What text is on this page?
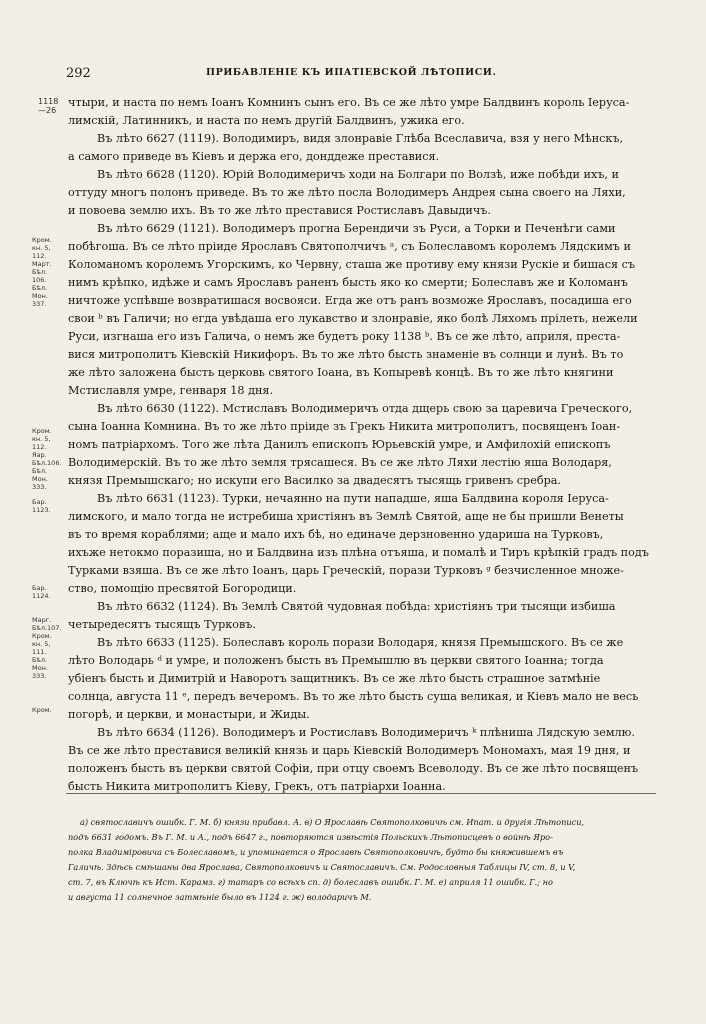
292	ПРИБАВЛЕНІЕ КЪ ИПАТІЕВСКОЙ ЛѢТОПИСИ.
1118
—26
Кром.
кн. 5,
112.
Март.
Бѣл.
106.
Бѣл.
Мон.
337.
Кром.
кн. 5,
112.
Яар.
Бѣл.106.
Бѣл.
Мон.
333.
Бар.
1123.
Бар.
1124.
Марг.
Бѣл.107.
Кром.
кн. 5,
111.
Бѣл.
Мон.
333.
Кром.
чтыри, и наста по немъ Іоанъ Комнинъ сынъ его. Въ се же лѣто умре Балдвинъ король Іеруса-
лимскій, Латинникъ, и наста по немъ другій Балдвинъ, ужика его.
Въ лѣто 6627 (1119). Володимиръ, видя злонравіе Глѣба Всеславича, взя у него Мѣнскъ,
а самого приведе въ Кіевъ и держа его, донддеже преставися.
Въ лѣто 6628 (1120). Юрій Володимеричъ ходи на Болгари по Волзѣ, иже побѣди ихъ, и
оттуду многъ полонъ приведе. Въ то же лѣто посла Володимеръ Андрея сына своего на Ляхи,
и повоева землю ихъ. Въ то же лѣто преставися Ростиславъ Давыдичъ.
Въ лѣто 6629 (1121). Володимеръ прогна Берендичи зъ Руси, а Торки и Печенѣги сами
побѣгоша. Въ се лѣто пріиде Ярославъ Святополчичъ ᵃ, съ Болеславомъ королемъ Лядскимъ и
Коломаномъ королемъ Угорскимъ, ко Червну, сташа же противу ему князи Рускіе и бишася съ
нимъ крѣпко, идѣже и самъ Ярославъ раненъ бысть яко ко смерти; Болеславъ же и Коломанъ
ничтоже успѣвше возвратишася восвояси. Егда же отъ ранъ возможе Ярославъ, посадиша его
свои ᵇ въ Галичи; но егда увѣдаша его лукавство и злонравіе, яко болѣ Ляхомъ прілеть, нежели
Руси, изгнаша его изъ Галича, о немъ же будетъ року 1138 ᵇ. Въ се же лѣто, априля, преста-
вися митрополитъ Кіевскій Никифоръ. Въ то же лѣто бысть знаменіе въ солнци и лунѣ. Въ то
же лѣто заложена бысть церковь святого Іоана, въ Копыревѣ концѣ. Въ то же лѣто княгини
Мстиславля умре, генваря 18 дня.
Въ лѣто 6630 (1122). Мстиславъ Володимеричъ отда дщерь свою за царевича Греческого,
сына Іоанна Комнина. Въ то же лѣто пріиде зъ Грекъ Никита митрополитъ, посвященъ Іоан-
номъ патріархомъ. Того же лѣта Данилъ епископъ Юрьевскій умре, и Амфилохій епископъ
Володимерскій. Въ то же лѣто земля трясашеся. Въ се же лѣто Ляхи лестію яша Володаря,
князя Премышскаго; но искупи его Василко за двадесятъ тысящь гривенъ сребра.
Въ лѣто 6631 (1123). Турки, нечаянно на пути нападше, яша Балдвина короля Іеруса-
лимского, и мало тогда не истребиша христіянъ въ Землѣ Святой, аще не бы пришли Венеты
въ то время кораблями; аще и мало ихъ бѣ, но единаче дерзновенно удариша на Турковъ,
ихъже нетокмо поразиша, но и Балдвина изъ плѣна отъяша, и помалѣ и Тиръ крѣпкій градъ подъ
Турками взяша. Въ се же лѣто Іоанъ, царь Греческій, порази Турковъ ᵍ безчисленное множе-
ство, помощію пресвятой Богородици.
Въ лѣто 6632 (1124). Въ Землѣ Святой чудовная побѣда: христіянъ три тысящи избиша
четыредесятъ тысящъ Турковъ.
Въ лѣто 6633 (1125). Болеславъ король порази Володаря, князя Премышского. Въ се же
лѣто Володарь ᵈ и умре, и положенъ бысть въ Премышлю въ церкви святого Іоанна; тогда
убіенъ бысть и Димитрій и Наворотъ защитникъ. Въ се же лѣто бысть страшное затмѣніе
солнца, августа 11 ᵉ, передъ вечеромъ. Въ то же лѣто бысть суша великая, и Кіевъ мало не весь
погорѣ, и церкви, и монастыри, и Жиды.
Въ лѣто 6634 (1126). Володимеръ и Ростиславъ Володимеричъ ᵏ плѣниша Лядскую землю.
Въ се же лѣто преставися великій князь и царь Кіевскій Володимеръ Мономахъ, мая 19 дня, и
положенъ бысть въ церкви святой Софіи, при отцу своемъ Всеволоду. Въ се же лѣто посвященъ
бысть Никита митрополитъ Кіеву, Грекъ, отъ патріархи Іоанна.
а) святославичъ ошибк. Г. М. б) князи прибавл. А. в) О Ярославѣ Святополковичѣ см. Ипат. и другія Лѣтописи,
подъ 6631 годомъ. Въ Г. М. и А., подъ 6647 г., повторяются извѣстія Польскихъ Лѣтописцевъ о войнѣ Яро-
полка Владиміровича съ Болеславомъ, и упоминается о Ярославѣ Святополковичѣ, будто бы княжившемъ въ
Галичѣ. Здѣсь смѣшаны два Ярослава, Святополковичъ и Святославичъ. См. Родословныя Таблицы IV, ст. 8, и V,
ст. 7, въ Ключѣ къ Ист. Карамз. г) татаръ со всѣхъ сп. д) болеславъ ошибк. Г. М. е) априля 11 ошибк. Г.; но
и августа 11 солнечное затмѣніе было въ 1124 г. ж) володаричъ М.
